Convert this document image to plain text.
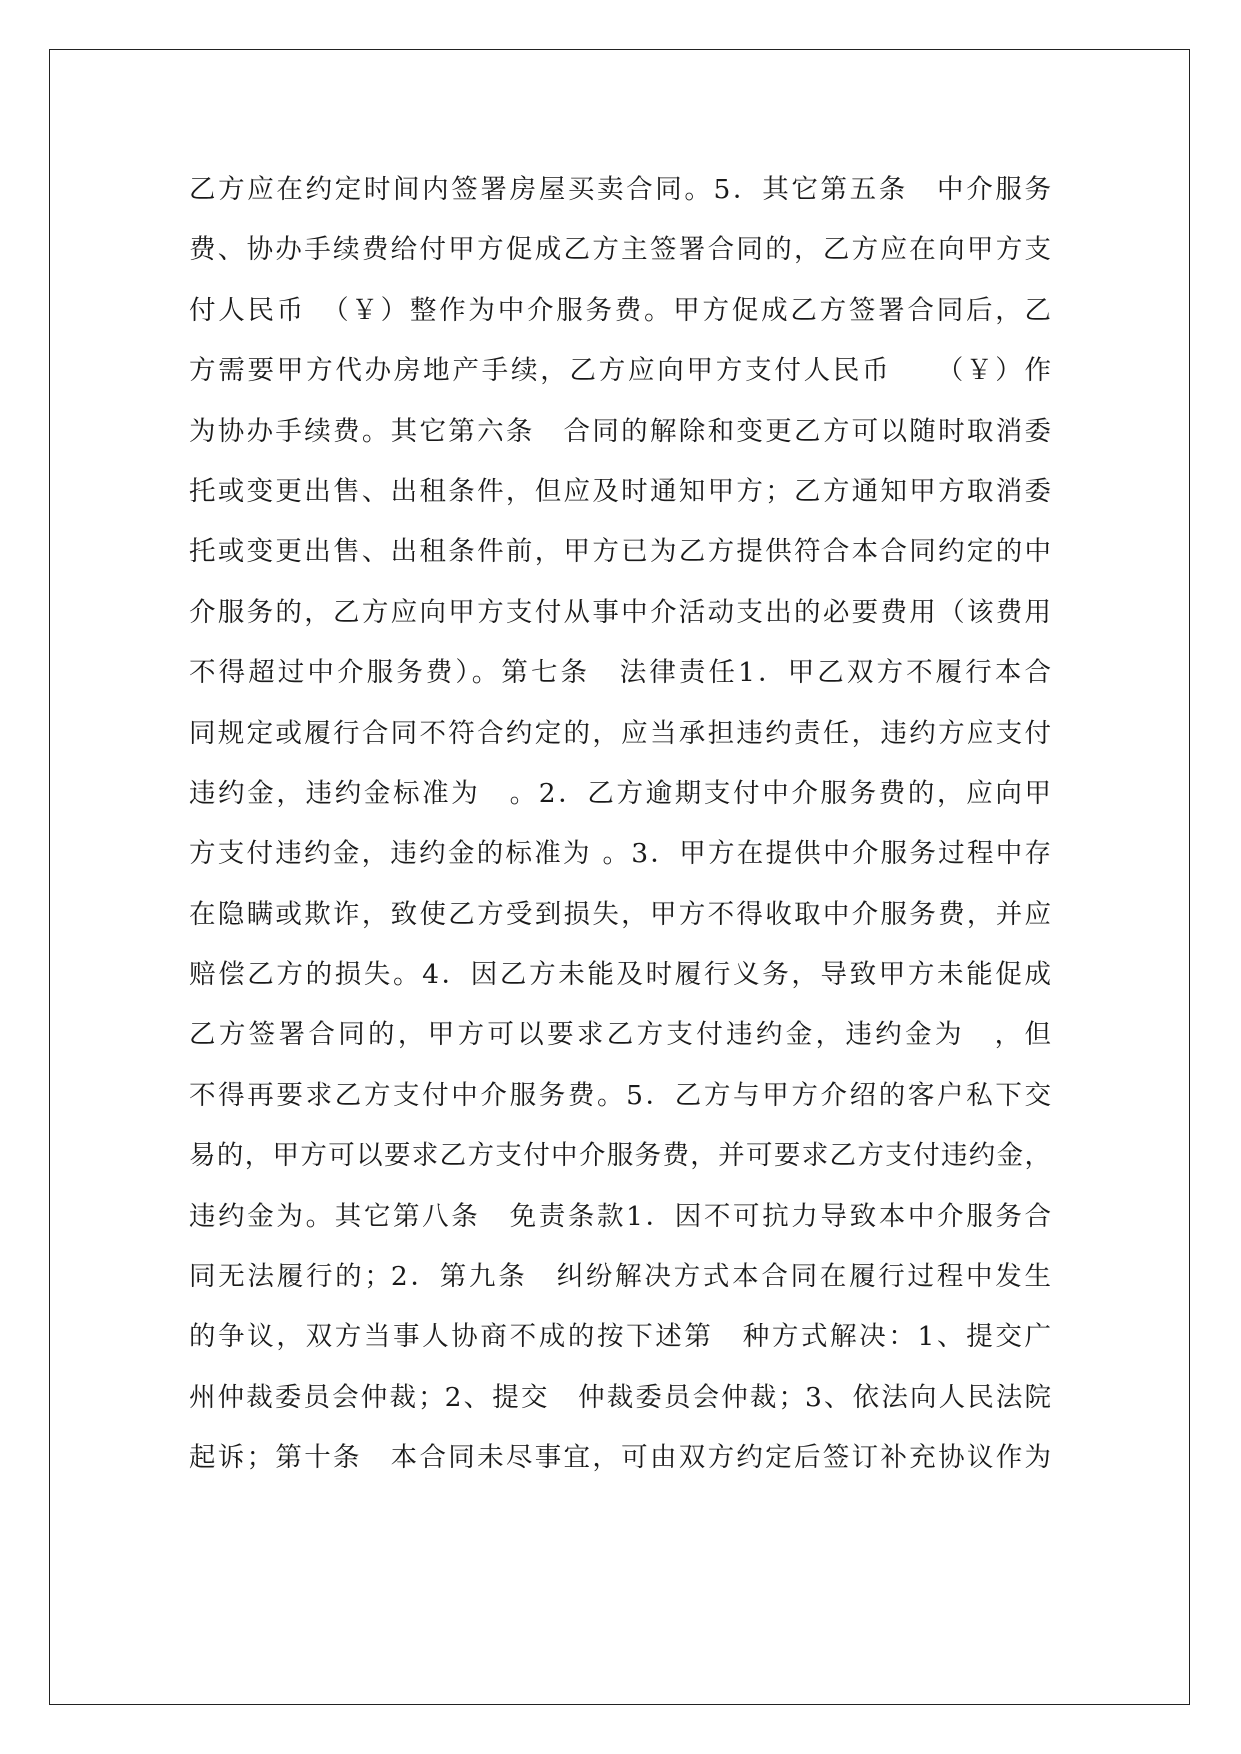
乙方应在约定时间内签署房屋买卖合同。5．其它第五条　中介服务
费、协办手续费给付甲方促成乙方主签署合同的，乙方应在向甲方支
付人民币　（￥）整作为中介服务费。甲方促成乙方签署合同后，乙
方需要甲方代办房地产手续，乙方应向甲方支付人民币　　（￥）作
为协办手续费。其它第六条　合同的解除和变更乙方可以随时取消委
托或变更出售、出租条件，但应及时通知甲方；乙方通知甲方取消委
托或变更出售、出租条件前，甲方已为乙方提供符合本合同约定的中
介服务的，乙方应向甲方支付从事中介活动支出的必要费用（该费用
不得超过中介服务费）。第七条　法律责任1．甲乙双方不履行本合
同规定或履行合同不符合约定的，应当承担违约责任，违约方应支付
违约金，违约金标准为　。2．乙方逾期支付中介服务费的，应向甲
方支付违约金，违约金的标准为 。3．甲方在提供中介服务过程中存
在隐瞒或欺诈，致使乙方受到损失，甲方不得收取中介服务费，并应
赔偿乙方的损失。4．因乙方未能及时履行义务，导致甲方未能促成
乙方签署合同的，甲方可以要求乙方支付违约金，违约金为　，但
不得再要求乙方支付中介服务费。5．乙方与甲方介绍的客户私下交
易的，甲方可以要求乙方支付中介服务费，并可要求乙方支付违约金，
违约金为。其它第八条　免责条款1．因不可抗力导致本中介服务合
同无法履行的；2．第九条　纠纷解决方式本合同在履行过程中发生
的争议，双方当事人协商不成的按下述第　种方式解决：1、提交广
州仲裁委员会仲裁；2、提交　仲裁委员会仲裁；3、依法向人民法院
起诉；第十条　本合同未尽事宜，可由双方约定后签订补充协议作为
